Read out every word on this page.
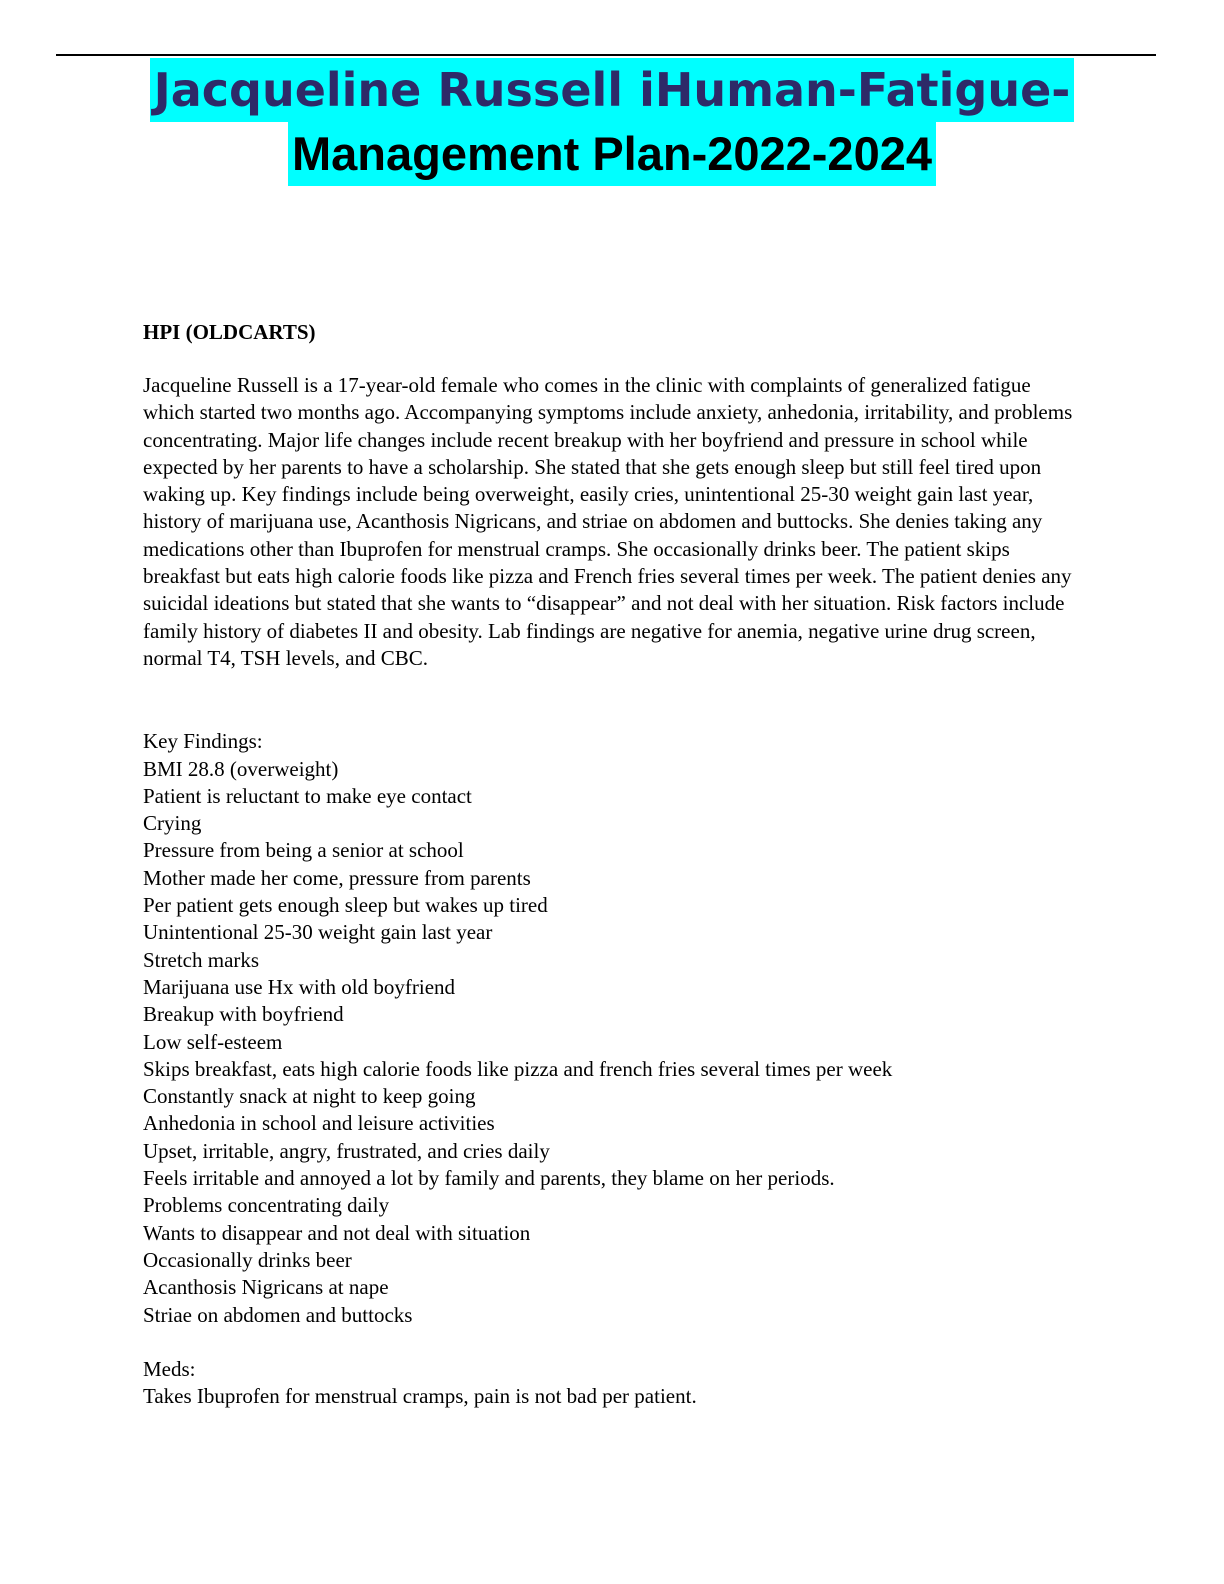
Jacqueline Russell iHuman-Fatigue-
Management Plan-2022-2024
HPI (OLDCARTS)

Jacqueline Russell is a 17-year-old female who comes in the clinic with complaints of generalized fatigue which started two months ago. Accompanying symptoms include anxiety, anhedonia, irritability, and problems concentrating. Major life changes include recent breakup with her boyfriend and pressure in school while expected by her parents to have a scholarship. She stated that she gets enough sleep but still feel tired upon waking up. Key findings include being overweight, easily cries, unintentional 25-30 weight gain last year, history of marijuana use, Acanthosis Nigricans, and striae on abdomen and buttocks. She denies taking any medications other than Ibuprofen for menstrual cramps. She occasionally drinks beer. The patient skips breakfast but eats high calorie foods like pizza and French fries several times per week. The patient denies any suicidal ideations but stated that she wants to “disappear” and not deal with her situation. Risk factors include family history of diabetes II and obesity. Lab findings are negative for anemia, negative urine drug screen, normal T4, TSH levels, and CBC.

Key Findings:

BMI 28.8 (overweight)
Patient is reluctant to make eye contact
Crying
Pressure from being a senior at school
Mother made her come, pressure from parents
Per patient gets enough sleep but wakes up tired
Unintentional 25-30 weight gain last year
Stretch marks
Marijuana use Hx with old boyfriend
Breakup with boyfriend
Low self-esteem
Skips breakfast, eats high calorie foods like pizza and french fries several times per week
Constantly snack at night to keep going
Anhedonia in school and leisure activities
Upset, irritable, angry, frustrated, and cries daily
Feels irritable and annoyed a lot by family and parents, they blame on her periods.
Problems concentrating daily
Wants to disappear and not deal with situation
Occasionally drinks beer
Acanthosis Nigricans at nape
Striae on abdomen and buttocks

Meds:

Takes Ibuprofen for menstrual cramps, pain is not bad per patient.
